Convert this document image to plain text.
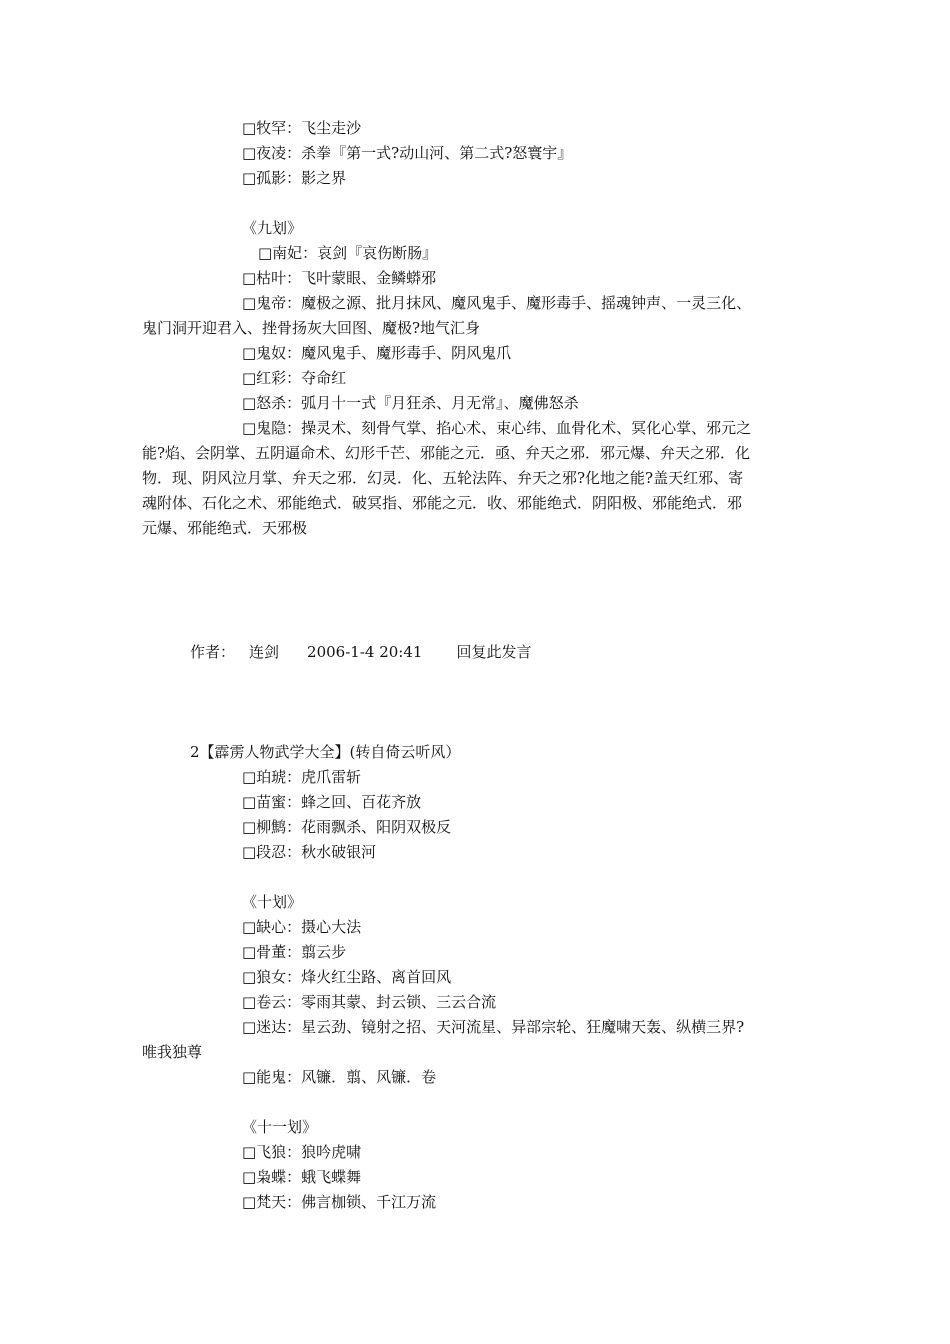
□牧罕：飞尘走沙
□夜凌：杀拳『第一式?动山河、第二式?怒寰宇』
□孤影：影之界
《九划》
□南妃：哀剑『哀伤断肠』
□枯叶：飞叶蒙眼、金鳞蟒邪
□鬼帝：魔极之源、批月抹风、魔风鬼手、魔形毒手、摇魂钟声、一灵三化、
鬼门洞开迎君入、挫骨扬灰大回图、魔极?地气汇身
□鬼奴：魔风鬼手、魔形毒手、阴风鬼爪
□红彩：夺命红
□怒杀：弧月十一式『月狂杀、月无常』、魔佛怒杀
□鬼隐：操灵术、刻骨气掌、掐心术、束心纬、血骨化术、冥化心掌、邪元之
能?焰、会阴掌、五阴逼命术、幻形千芒、邪能之元．亟、弁天之邪．邪元爆、弁天之邪．化
物．现、阴风泣月掌、弁天之邪．幻灵．化、五轮法阵、弁天之邪?化地之能?盖天红邪、寄
魂附体、石化之术、邪能绝式．破冥指、邪能之元．收、邪能绝式．阴阳极、邪能绝式．邪
元爆、邪能绝式．天邪极
作者： 连剑 2006-1-4 20:41 回复此发言
2【霹雳人物武学大全】(转自倚云听风）
□珀琥：虎爪雷斩
□苗蜜：蜂之回、百花齐放
□柳鹪：花雨飘杀、阳阴双极反
□段忍：秋水破银河
《十划》
□缺心：摄心大法
□骨董：翦云步
□狼女：烽火红尘路、离首回风
□卷云：零雨其蒙、封云锁、三云合流
□迷达：星云劲、镜射之招、天河流星、异部宗轮、狂魔啸天轰、纵横三界?
唯我独尊
□能鬼：风镰．翦、风镰．卷
《十一划》
□飞狼：狼吟虎啸
□枭蝶：蛾飞蝶舞
□梵天：佛言枷锁、千江万流
